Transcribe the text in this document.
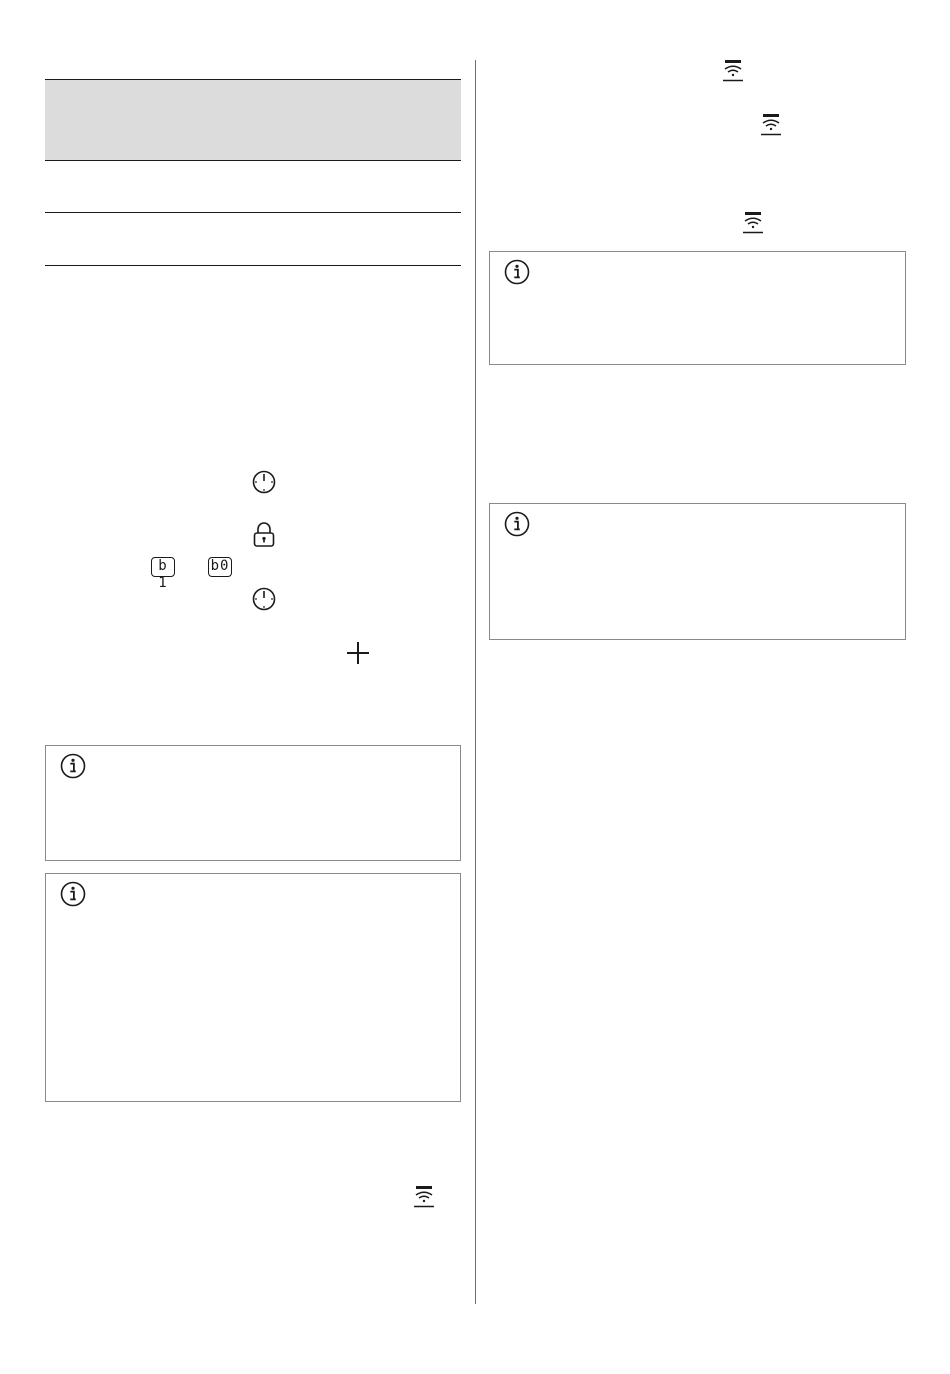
b 1
b0
